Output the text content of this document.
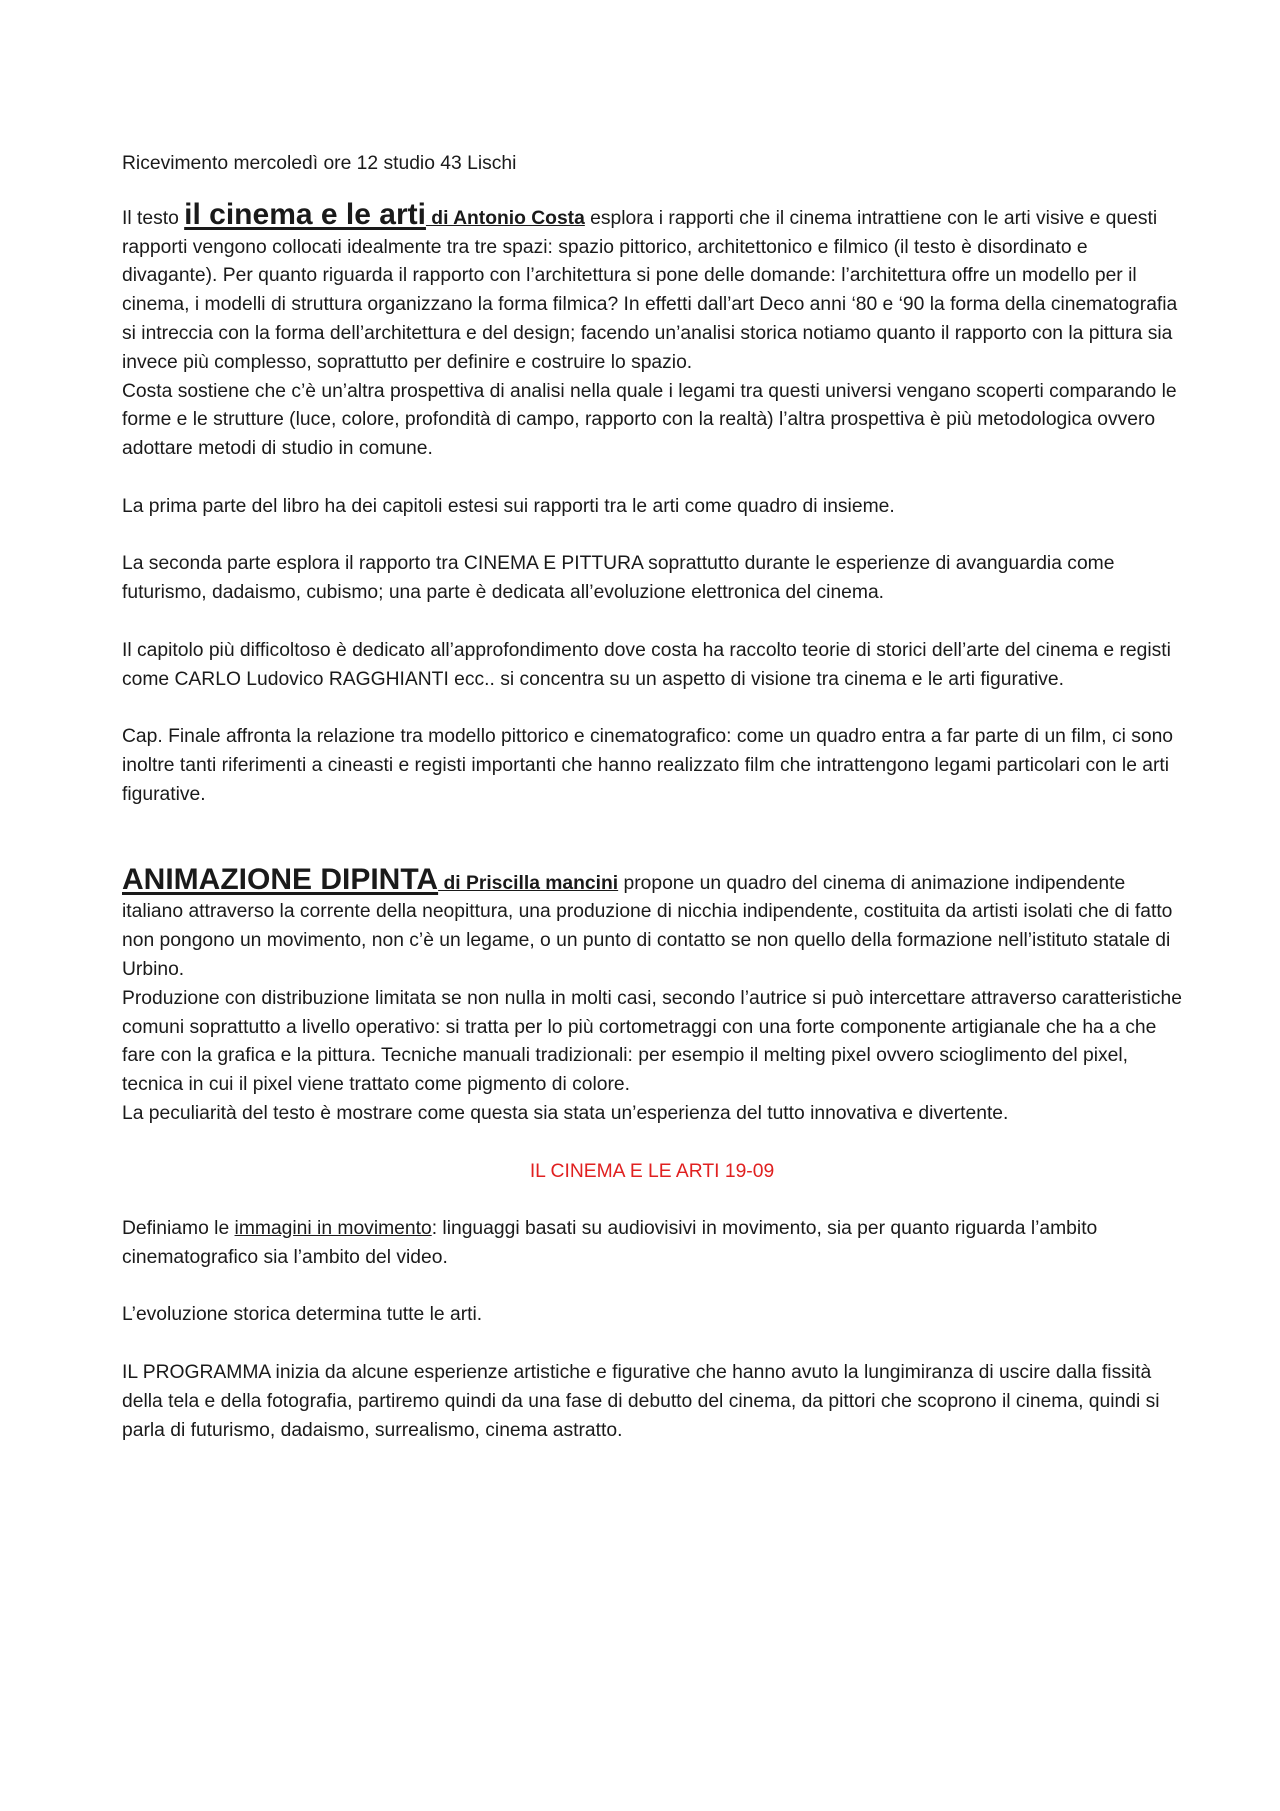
Ricevimento mercoledì ore 12 studio 43 Lischi

Il testo il cinema e le arti di Antonio Costa esplora i rapporti che il cinema intrattiene con le arti visive e questi rapporti vengono collocati idealmente tra tre spazi: spazio pittorico, architettonico e filmico (il testo è disordinato e divagante). Per quanto riguarda il rapporto con l’architettura si pone delle domande: l’architettura offre un modello per il cinema, i modelli di struttura organizzano la forma filmica? In effetti dall’art Deco anni ‘80 e ‘90 la forma della cinematografia si intreccia con la forma dell’architettura e del design; facendo un’analisi storica notiamo quanto il rapporto con la pittura sia invece più complesso, soprattutto per definire e costruire lo spazio.

Costa sostiene che c’è un’altra prospettiva di analisi nella quale i legami tra questi universi vengano scoperti comparando le forme e le strutture (luce, colore, profondità di campo, rapporto con la realtà) l’altra prospettiva è più metodologica ovvero adottare metodi di studio in comune.

La prima parte del libro ha dei capitoli estesi sui rapporti tra le arti come quadro di insieme.

La seconda parte esplora il rapporto tra CINEMA E PITTURA soprattutto durante le esperienze di avanguardia come futurismo, dadaismo, cubismo; una parte è dedicata all’evoluzione elettronica del cinema.

Il capitolo più difficoltoso è dedicato all’approfondimento dove costa ha raccolto teorie di storici dell’arte del cinema e registi come CARLO Ludovico RAGGHIANTI ecc.. si concentra su un aspetto di visione tra cinema e le arti figurative.

Cap. Finale affronta la relazione tra modello pittorico e cinematografico: come un quadro entra a far parte di un film, ci sono inoltre tanti riferimenti a cineasti e registi importanti che hanno realizzato film che intrattengono legami particolari con le arti figurative.

ANIMAZIONE DIPINTA di Priscilla mancini propone un quadro del cinema di animazione indipendente italiano attraverso la corrente della neopittura, una produzione di nicchia indipendente, costituita da artisti isolati che di fatto non pongono un movimento, non c’è un legame, o un punto di contatto se non quello della formazione nell’istituto statale di Urbino.

Produzione con distribuzione limitata se non nulla in molti casi, secondo l’autrice si può intercettare attraverso caratteristiche comuni soprattutto a livello operativo: si tratta per lo più cortometraggi con una forte componente artigianale che ha a che fare con la grafica e la pittura. Tecniche manuali tradizionali: per esempio il melting pixel ovvero scioglimento del pixel, tecnica in cui il pixel viene trattato come pigmento di colore.

La peculiarità del testo è mostrare come questa sia stata un’esperienza del tutto innovativa e divertente.

IL CINEMA E LE ARTI 19-09

Definiamo le immagini in movimento: linguaggi basati su audiovisivi in movimento, sia per quanto riguarda l’ambito cinematografico sia l’ambito del video.

L’evoluzione storica determina tutte le arti.

IL PROGRAMMA inizia da alcune esperienze artistiche e figurative che hanno avuto la lungimiranza di uscire dalla fissità della tela e della fotografia, partiremo quindi da una fase di debutto del cinema, da pittori che scoprono il cinema, quindi si parla di futurismo, dadaismo, surrealismo, cinema astratto.
